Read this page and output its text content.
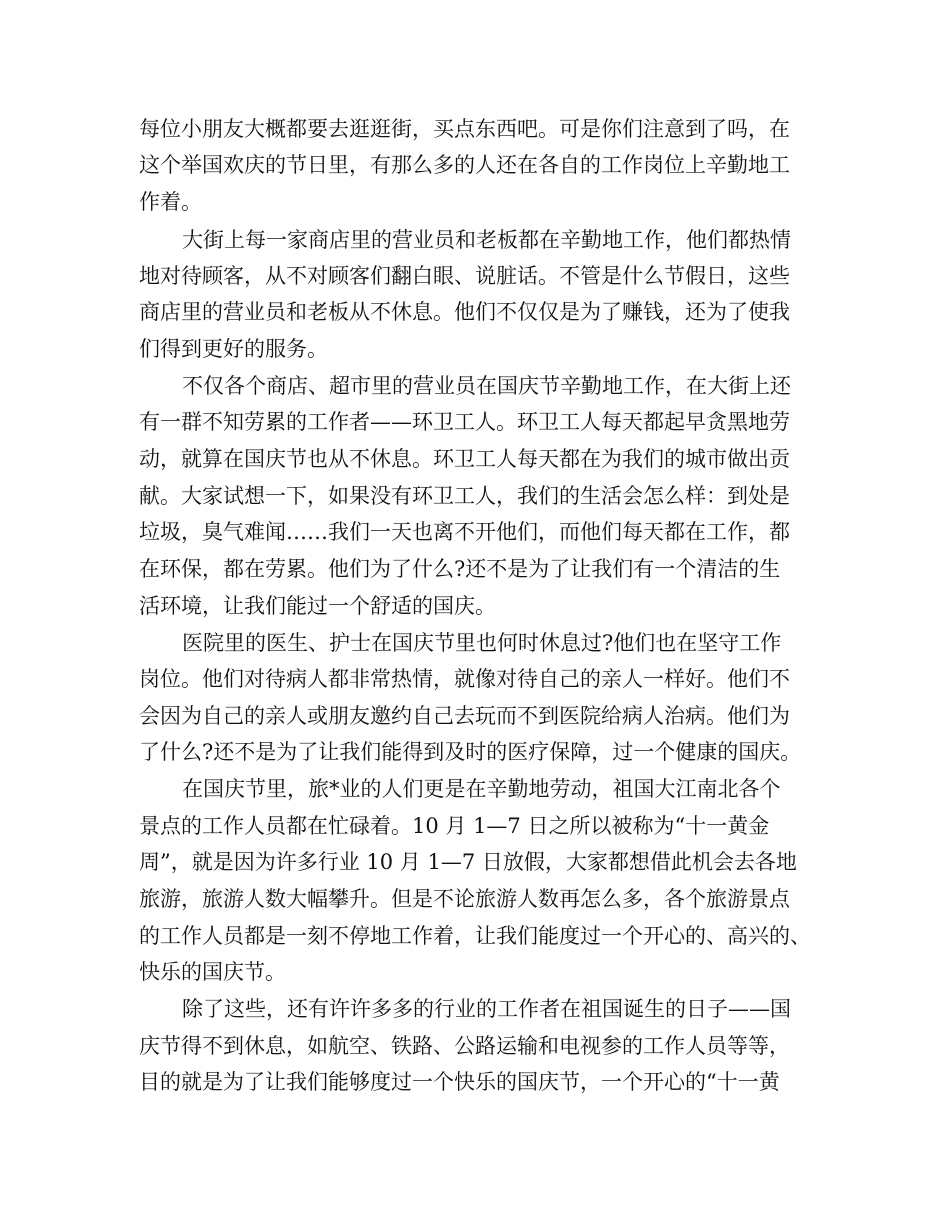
每位小朋友大概都要去逛逛街，买点东西吧。可是你们注意到了吗，在
这个举国欢庆的节日里，有那么多的人还在各自的工作岗位上辛勤地工
作着。
大街上每一家商店里的营业员和老板都在辛勤地工作，他们都热情
地对待顾客，从不对顾客们翻白眼、说脏话。不管是什么节假日，这些
商店里的营业员和老板从不休息。他们不仅仅是为了赚钱，还为了使我
们得到更好的服务。
不仅各个商店、超市里的营业员在国庆节辛勤地工作，在大街上还
有一群不知劳累的工作者——环卫工人。环卫工人每天都起早贪黑地劳
动，就算在国庆节也从不休息。环卫工人每天都在为我们的城市做出贡
献。大家试想一下，如果没有环卫工人，我们的生活会怎么样：到处是
垃圾，臭气难闻……我们一天也离不开他们，而他们每天都在工作，都
在环保，都在劳累。他们为了什么?还不是为了让我们有一个清洁的生
活环境，让我们能过一个舒适的国庆。
医院里的医生、护士在国庆节里也何时休息过?他们也在坚守工作
岗位。他们对待病人都非常热情，就像对待自己的亲人一样好。他们不
会因为自己的亲人或朋友邀约自己去玩而不到医院给病人治病。他们为
了什么?还不是为了让我们能得到及时的医疗保障，过一个健康的国庆。
在国庆节里，旅*业的人们更是在辛勤地劳动，祖国大江南北各个
景点的工作人员都在忙碌着。10 月 1—7 日之所以被称为“十一黄金
周”，就是因为许多行业 10 月 1—7 日放假，大家都想借此机会去各地
旅游，旅游人数大幅攀升。但是不论旅游人数再怎么多，各个旅游景点
的工作人员都是一刻不停地工作着，让我们能度过一个开心的、高兴的、
快乐的国庆节。
除了这些，还有许许多多的行业的工作者在祖国诞生的日子——国
庆节得不到休息，如航空、铁路、公路运输和电视参的工作人员等等，
目的就是为了让我们能够度过一个快乐的国庆节，一个开心的“十一黄
